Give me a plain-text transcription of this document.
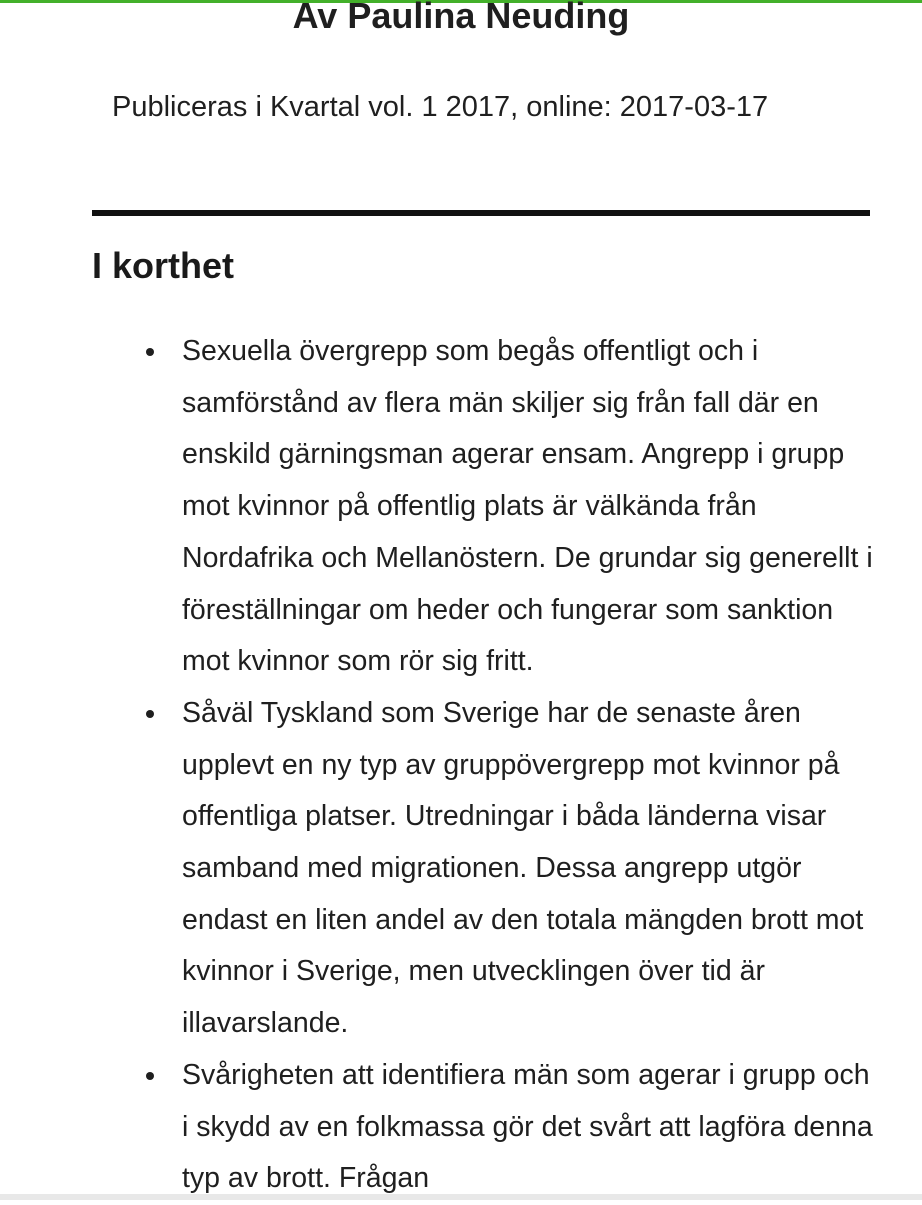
Av Paulina Neuding

Publiceras i Kvartal vol. 1 2017, online: 2017-03-17

I korthet
Sexuella övergrepp som begås offentligt och i samförstånd av flera män skiljer sig från fall där en enskild gärningsman agerar ensam. Angrepp i grupp mot kvinnor på offentlig plats är välkända från Nordafrika och Mellanöstern. De grundar sig generellt i föreställningar om heder och fungerar som sanktion mot kvinnor som rör sig fritt.
Såväl Tyskland som Sverige har de senaste åren upplevt en ny typ av gruppövergrepp mot kvinnor på offentliga platser. Utredningar i båda länderna visar samband med migrationen. Dessa angrepp utgör endast en liten andel av den totala mängden brott mot kvinnor i Sverige, men utvecklingen över tid är illavarslande.
Svårigheten att identifiera män som agerar i grupp och i skydd av en folkmassa gör det svårt att lagföra denna typ av brott. Frågan
